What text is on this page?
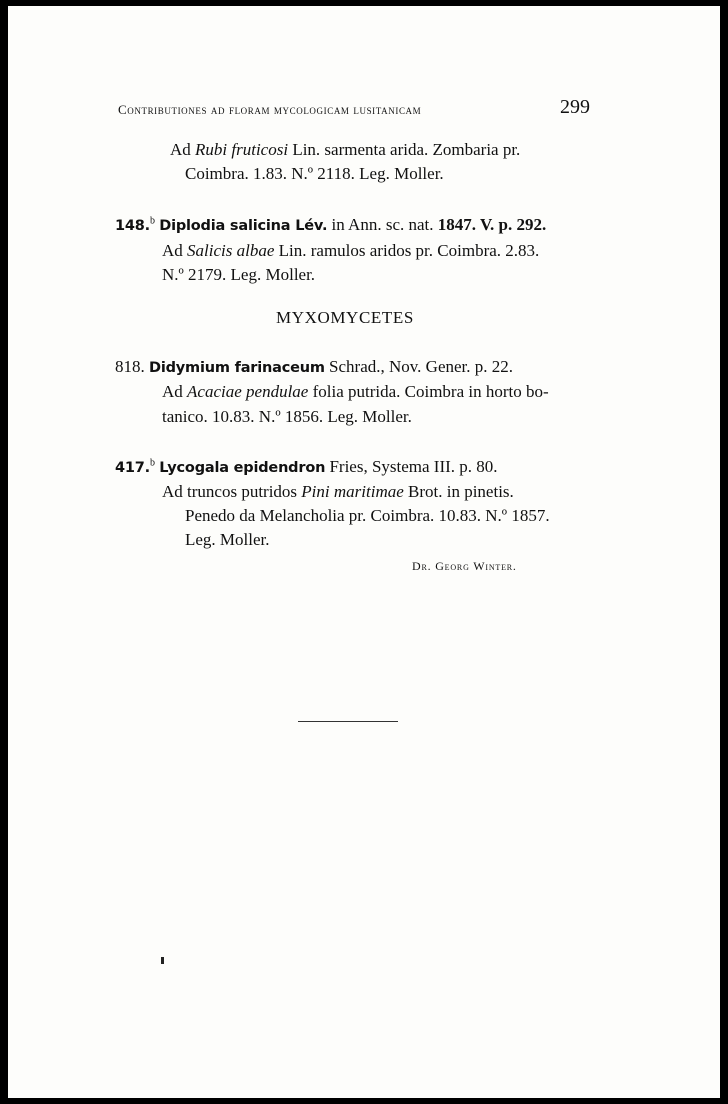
Contributiones ad floram mycologicam lusitanicam	299
Ad Rubi fruticosi Lin. sarmenta arida. Zombaria pr.
Coimbra. 1.83. N.º 2118. Leg. Moller.
148.$^b$ Diplodia salicina Lév. in Ann. sc. nat. 1847. V. p. 292.
Ad Salicis albae Lin. ramulos aridos pr. Coimbra. 2.83.
N.º 2179. Leg. Moller.
MYXOMYCETES
818. Didymium farinaceum Schrad., Nov. Gener. p. 22.
Ad Acaciae pendulae folia putrida. Coimbra in horto bo-
tanico. 10.83. N.º 1856. Leg. Moller.
417.$^b$ Lycogala epidendron Fries, Systema III. p. 80.
Ad truncos putridos Pini maritimae Brot. in pinetis.
Penedo da Melancholia pr. Coimbra. 10.83. N.º 1857.
Leg. Moller.
Dr. Georg Winter.
